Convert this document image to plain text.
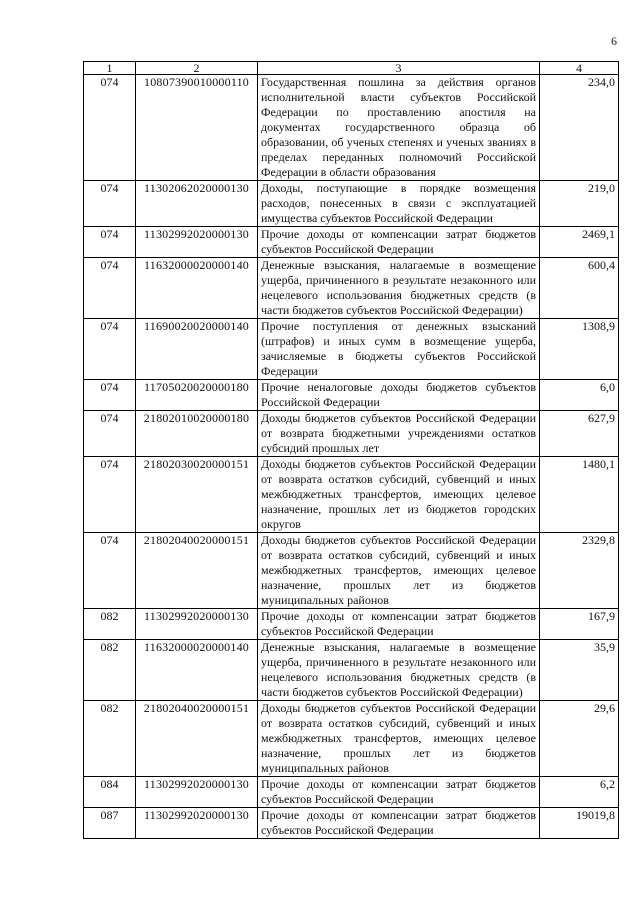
6
1	2	3	4
074	10807390010000110	Государственная пошлина за действия органов исполнительной власти субъектов Российской Федерации по проставлению апостиля на документах государственного образца об образовании, об ученых степенях и ученых званиях в пределах переданных полномочий Российской Федерации в области образования	234,0
074	11302062020000130	Доходы, поступающие в порядке возмещения расходов, понесенных в связи с эксплуатацией имущества субъектов Российской Федерации	219,0
074	11302992020000130	Прочие доходы от компенсации затрат бюджетов субъектов Российской Федерации	2469,1
074	11632000020000140	Денежные взыскания, налагаемые в возмещение ущерба, причиненного в результате незаконного или нецелевого использования бюджетных средств (в части бюджетов субъектов Российской Федерации)	600,4
074	11690020020000140	Прочие поступления от денежных взысканий (штрафов) и иных сумм в возмещение ущерба, зачисляемые в бюджеты субъектов Российской Федерации	1308,9
074	11705020020000180	Прочие неналоговые доходы бюджетов субъектов Российской Федерации	6,0
074	21802010020000180	Доходы бюджетов субъектов Российской Федерации от возврата бюджетными учреждениями остатков субсидий прошлых лет	627,9
074	21802030020000151	Доходы бюджетов субъектов Российской Федерации от возврата остатков субсидий, субвенций и иных межбюджетных трансфертов, имеющих целевое назначение, прошлых лет из бюджетов городских округов	1480,1
074	21802040020000151	Доходы бюджетов субъектов Российской Федерации от возврата остатков субсидий, субвенций и иных межбюджетных трансфертов, имеющих целевое назначение, прошлых лет из бюджетов муниципальных районов	2329,8
082	11302992020000130	Прочие доходы от компенсации затрат бюджетов субъектов Российской Федерации	167,9
082	11632000020000140	Денежные взыскания, налагаемые в возмещение ущерба, причиненного в результате незаконного или нецелевого использования бюджетных средств (в части бюджетов субъектов Российской Федерации)	35,9
082	21802040020000151	Доходы бюджетов субъектов Российской Федерации от возврата остатков субсидий, субвенций и иных межбюджетных трансфертов, имеющих целевое назначение, прошлых лет из бюджетов муниципальных районов	29,6
084	11302992020000130	Прочие доходы от компенсации затрат бюджетов субъектов Российской Федерации	6,2
087	11302992020000130	Прочие доходы от компенсации затрат бюджетов субъектов Российской Федерации	19019,8
